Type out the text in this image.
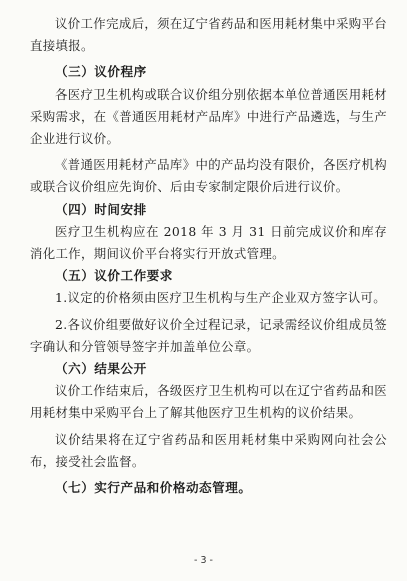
议价工作完成后，须在辽宁省药品和医用耗材集中采购平台直接填报。

（三）议价程序

各医疗卫生机构或联合议价组分别依据本单位普通医用耗材采购需求，在《普通医用耗材产品库》中进行产品遴选，与生产企业进行议价。

《普通医用耗材产品库》中的产品均没有限价，各医疗机构或联合议价组应先询价、后由专家制定限价后进行议价。

（四）时间安排

医疗卫生机构应在 2018 年 3 月 31 日前完成议价和库存消化工作，期间议价平台将实行开放式管理。

（五）议价工作要求

1.议定的价格须由医疗卫生机构与生产企业双方签字认可。

2.各议价组要做好议价全过程记录，记录需经议价组成员签字确认和分管领导签字并加盖单位公章。

（六）结果公开

议价工作结束后，各级医疗卫生机构可以在辽宁省药品和医用耗材集中采购平台上了解其他医疗卫生机构的议价结果。

议价结果将在辽宁省药品和医用耗材集中采购网向社会公布，接受社会监督。

（七）实行产品和价格动态管理。

- 3 -
